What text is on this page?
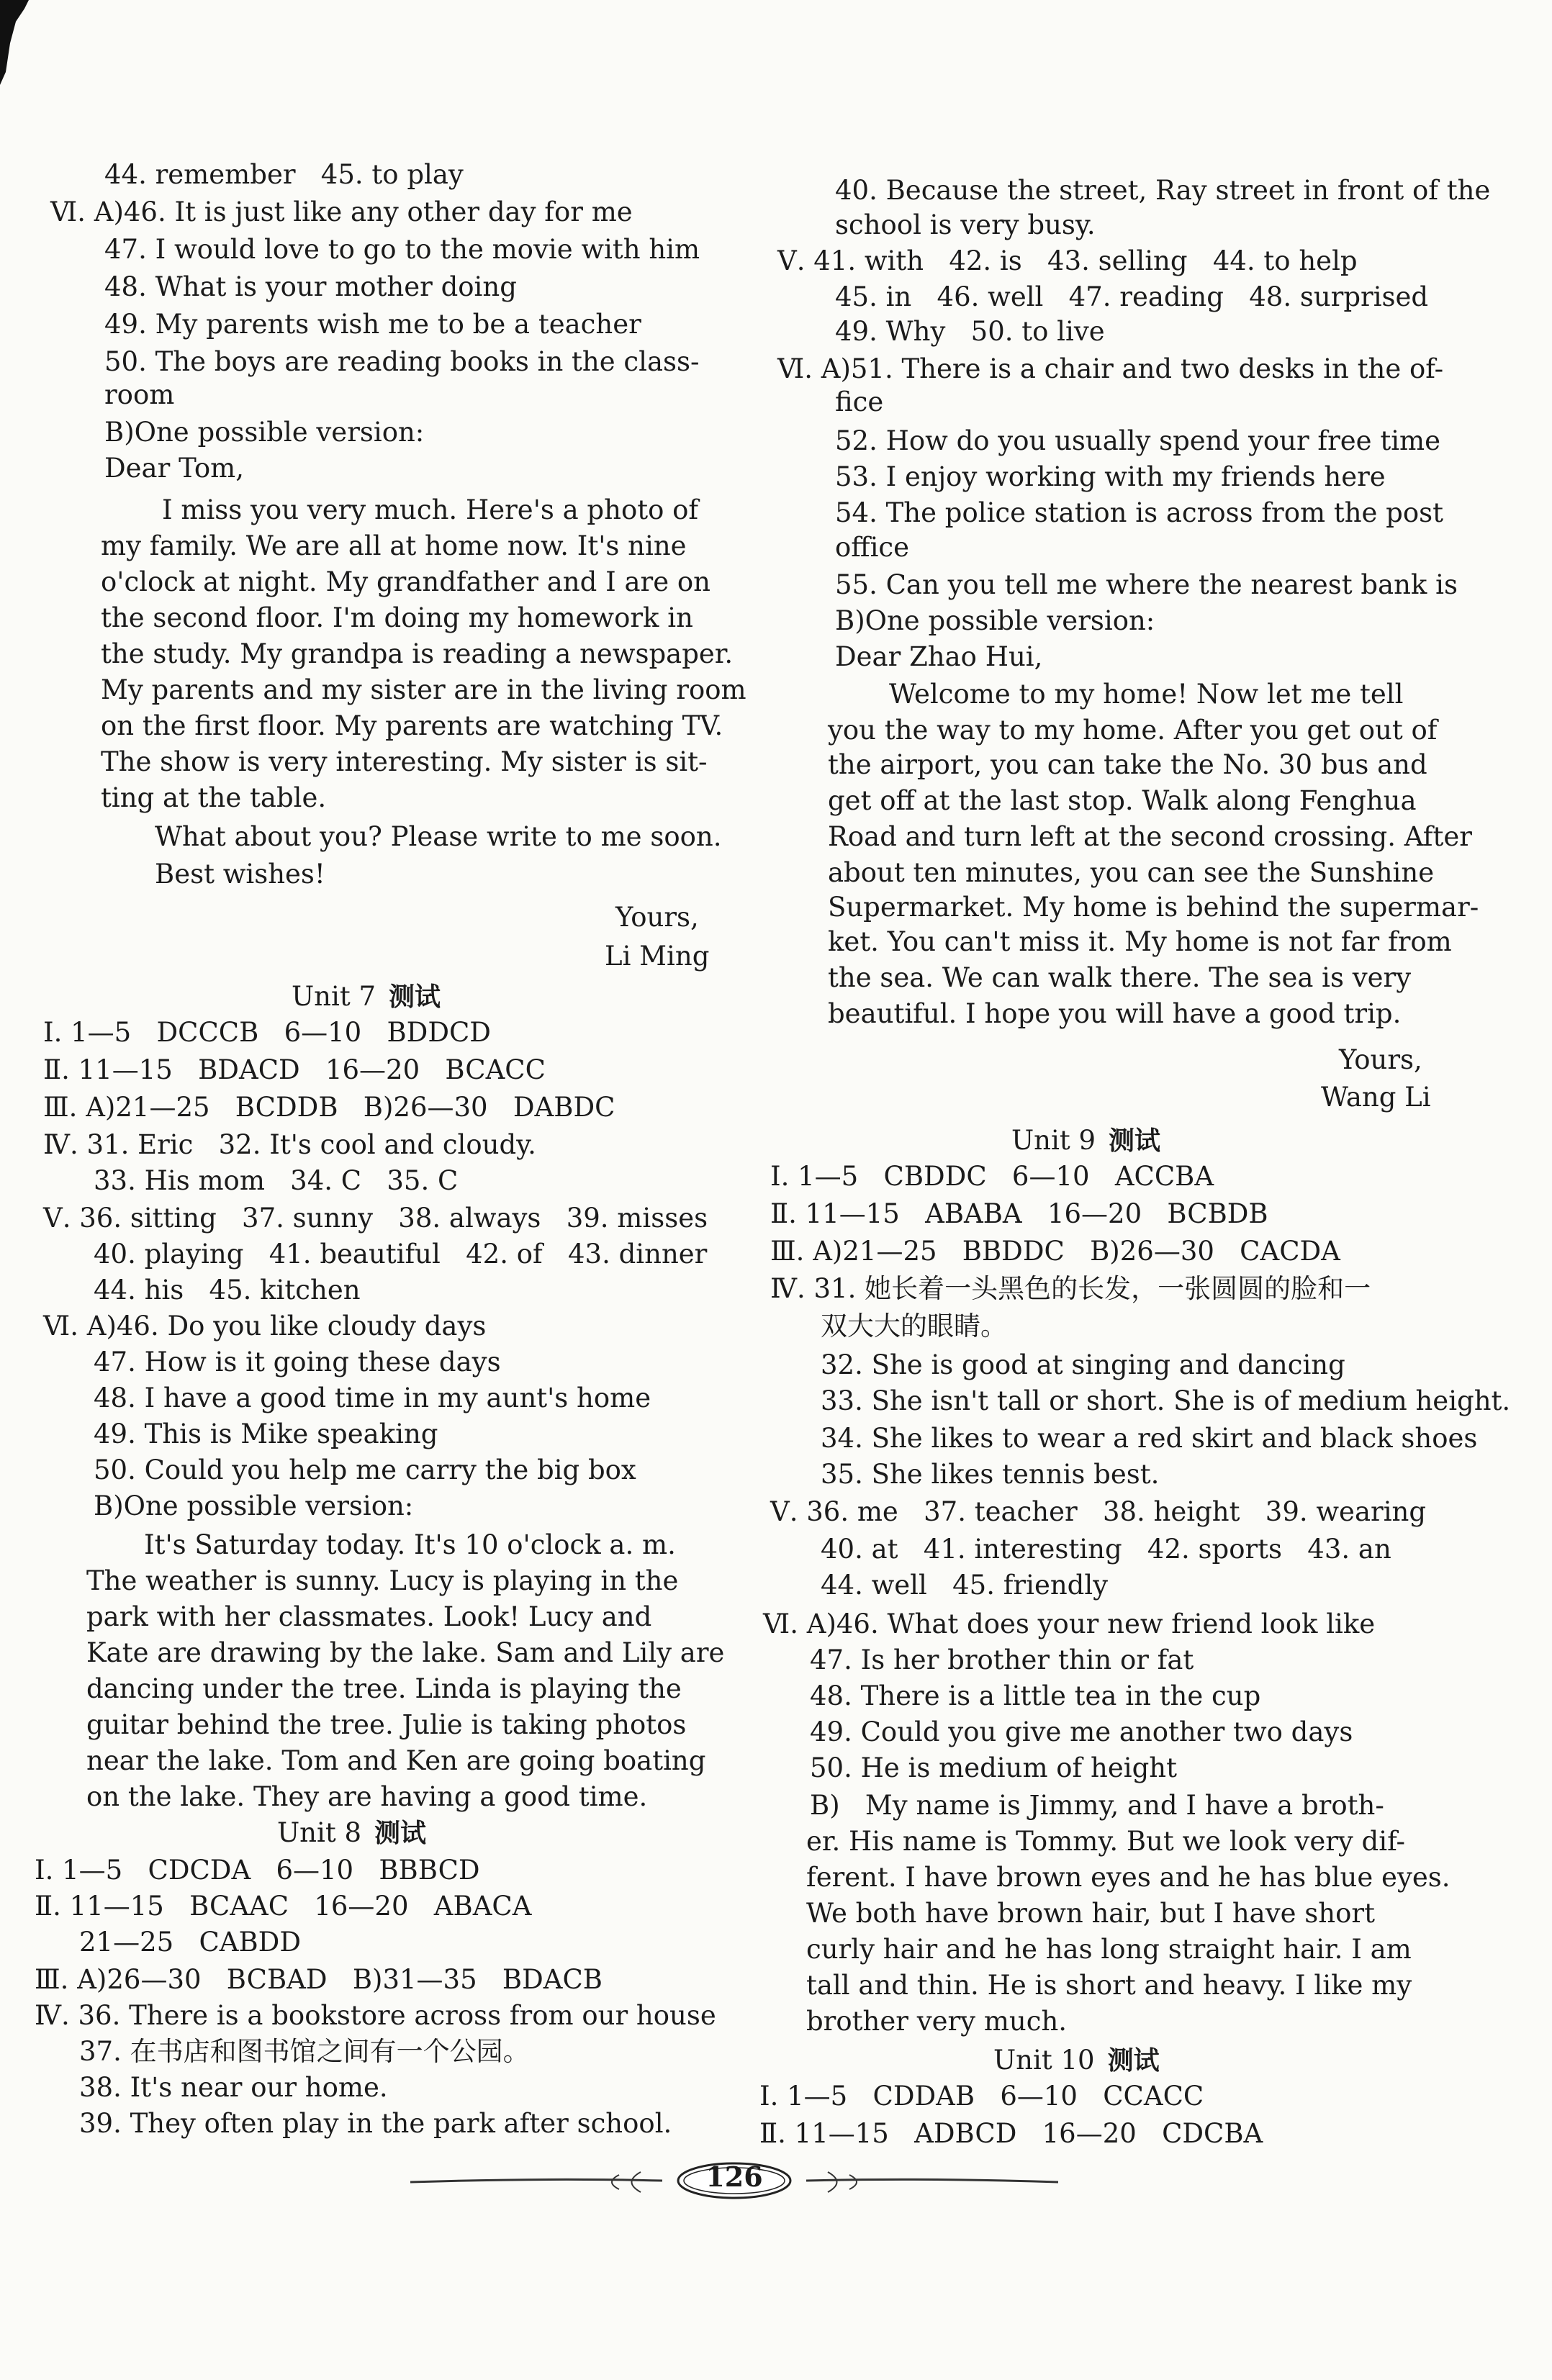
44. remember   45. to play
Ⅵ. A)46. It is just like any other day for me
47. I would love to go to the movie with him
48. What is your mother doing
49. My parents wish me to be a teacher
50. The boys are reading books in the class-
room
B)One possible version:
Dear Tom,
I miss you very much. Here's a photo of
my family. We are all at home now. It's nine
o'clock at night. My grandfather and I are on
the second floor. I'm doing my homework in
the study. My grandpa is reading a newspaper.
My parents and my sister are in the living room
on the first floor. My parents are watching TV.
The show is very interesting. My sister is sit-
ting at the table.
What about you? Please write to me soon.
Best wishes!
Yours,
Li Ming
Unit 7 测试
Ⅰ. 1—5   DCCCB   6—10   BDDCD
Ⅱ. 11—15   BDACD   16—20   BCACC
Ⅲ. A)21—25   BCDDB   B)26—30   DABDC
Ⅳ. 31. Eric   32. It's cool and cloudy.
33. His mom   34. C   35. C
Ⅴ. 36. sitting   37. sunny   38. always   39. misses
40. playing   41. beautiful   42. of   43. dinner
44. his   45. kitchen
Ⅵ. A)46. Do you like cloudy days
47. How is it going these days
48. I have a good time in my aunt's home
49. This is Mike speaking
50. Could you help me carry the big box
B)One possible version:
It's Saturday today. It's 10 o'clock a. m.
The weather is sunny. Lucy is playing in the
park with her classmates. Look! Lucy and
Kate are drawing by the lake. Sam and Lily are
dancing under the tree. Linda is playing the
guitar behind the tree. Julie is taking photos
near the lake. Tom and Ken are going boating
on the lake. They are having a good time.
Unit 8 测试
Ⅰ. 1—5   CDCDA   6—10   BBBCD
Ⅱ. 11—15   BCAAC   16—20   ABACA
21—25   CABDD
Ⅲ. A)26—30   BCBAD   B)31—35   BDACB
Ⅳ. 36. There is a bookstore across from our house
37. 在书店和图书馆之间有一个公园。
38. It's near our home.
39. They often play in the park after school.
40. Because the street, Ray street in front of the
school is very busy.
Ⅴ. 41. with   42. is   43. selling   44. to help
45. in   46. well   47. reading   48. surprised
49. Why   50. to live
Ⅵ. A)51. There is a chair and two desks in the of-
fice
52. How do you usually spend your free time
53. I enjoy working with my friends here
54. The police station is across from the post
office
55. Can you tell me where the nearest bank is
B)One possible version:
Dear Zhao Hui,
Welcome to my home! Now let me tell
you the way to my home. After you get out of
the airport, you can take the No. 30 bus and
get off at the last stop. Walk along Fenghua
Road and turn left at the second crossing. After
about ten minutes, you can see the Sunshine
Supermarket. My home is behind the supermar-
ket. You can't miss it. My home is not far from
the sea. We can walk there. The sea is very
beautiful. I hope you will have a good trip.
Yours,
Wang Li
Unit 9 测试
Ⅰ. 1—5   CBDDC   6—10   ACCBA
Ⅱ. 11—15   ABABA   16—20   BCBDB
Ⅲ. A)21—25   BBDDC   B)26—30   CACDA
Ⅳ. 31. 她长着一头黑色的长发，一张圆圆的脸和一
双大大的眼睛。
32. She is good at singing and dancing
33. She isn't tall or short. She is of medium height.
34. She likes to wear a red skirt and black shoes
35. She likes tennis best.
Ⅴ. 36. me   37. teacher   38. height   39. wearing
40. at   41. interesting   42. sports   43. an
44. well   45. friendly
Ⅵ. A)46. What does your new friend look like
47. Is her brother thin or fat
48. There is a little tea in the cup
49. Could you give me another two days
50. He is medium of height
B)   My name is Jimmy, and I have a broth-
er. His name is Tommy. But we look very dif-
ferent. I have brown eyes and he has blue eyes.
We both have brown hair, but I have short
curly hair and he has long straight hair. I am
tall and thin. He is short and heavy. I like my
brother very much.
Unit 10 测试
Ⅰ. 1—5   CDDAB   6—10   CCACC
Ⅱ. 11—15   ADBCD   16—20   CDCBA
126
